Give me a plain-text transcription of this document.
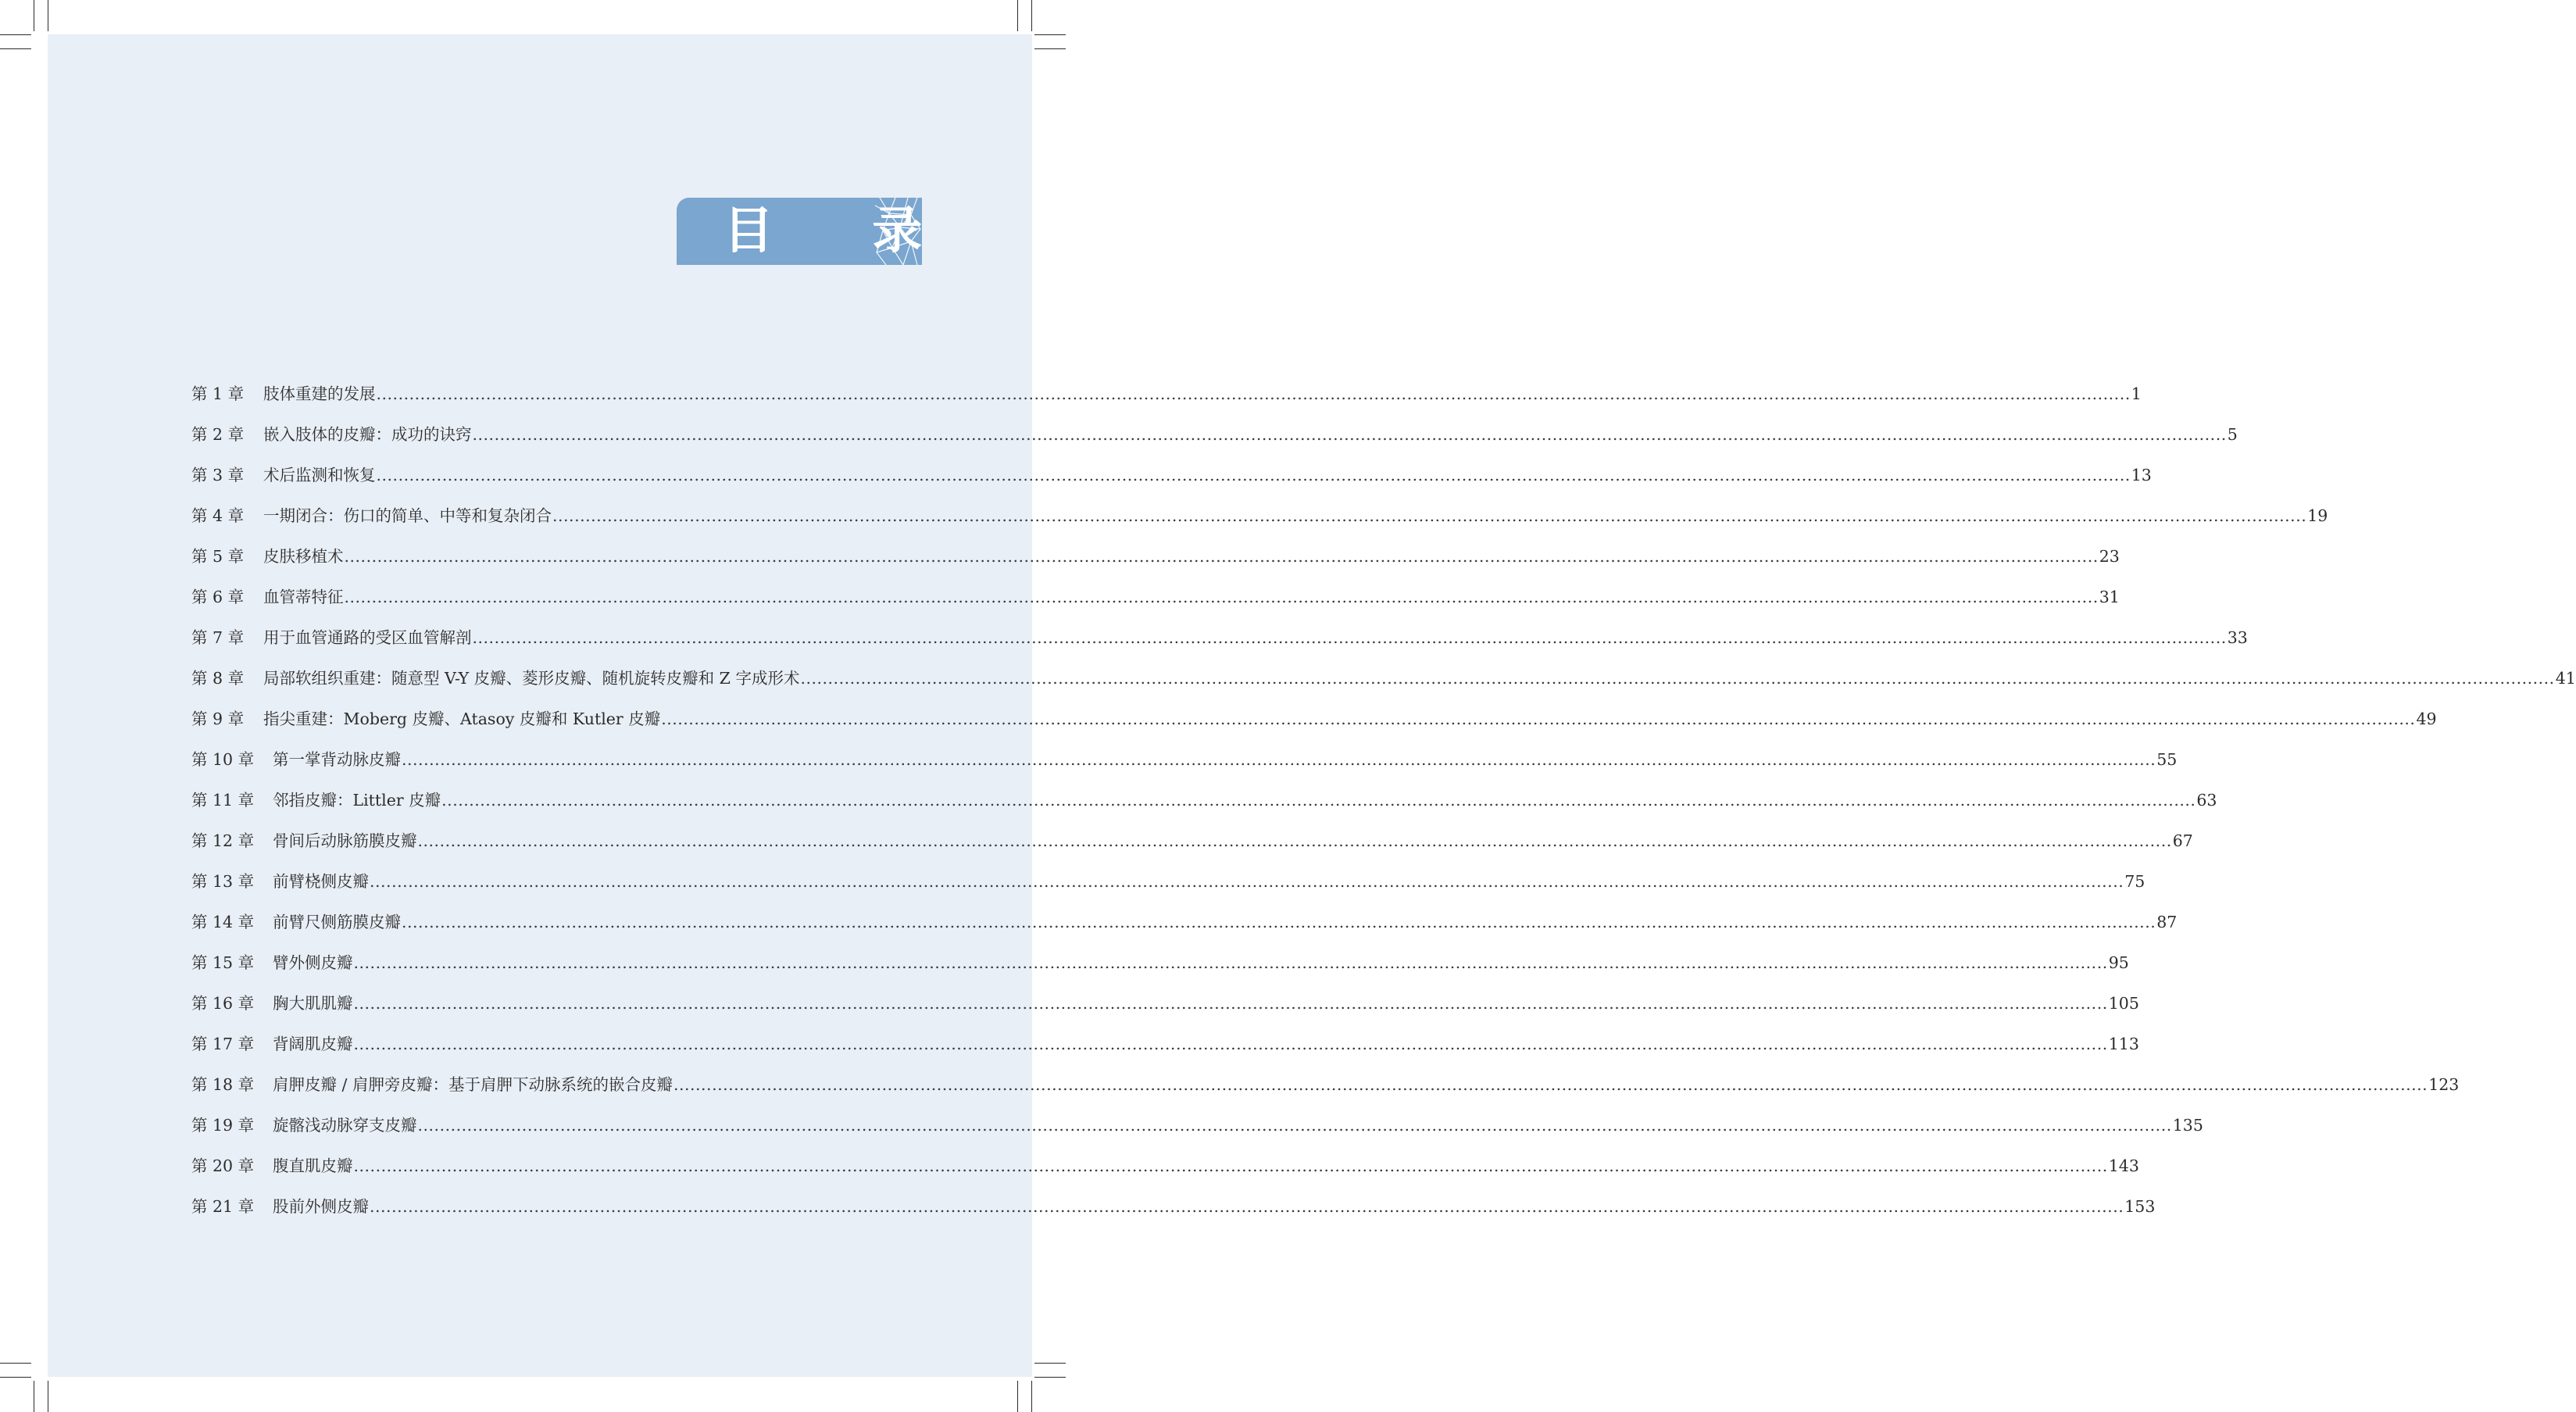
目 录
第 1 章	肢体重建的发展 .....	1
第 2 章	嵌入肢体的皮瓣：成功的诀窍 .....	5
第 3 章	术后监测和恢复 .....	13
第 4 章	一期闭合：伤口的简单、中等和复杂闭合 .....	19
第 5 章	皮肤移植术 .....	23
第 6 章	血管蒂特征 .....	31
第 7 章	用于血管通路的受区血管解剖 .....	33
第 8 章	局部软组织重建：随意型 V-Y 皮瓣、菱形皮瓣、随机旋转皮瓣和 Z 字成形术 .....	41
第 9 章	指尖重建：Moberg 皮瓣、Atasoy 皮瓣和 Kutler 皮瓣 .....	49
第 10 章	第一掌背动脉皮瓣 .....	55
第 11 章	邻指皮瓣：Littler 皮瓣 .....	63
第 12 章	骨间后动脉筋膜皮瓣 .....	67
第 13 章	前臂桡侧皮瓣 .....	75
第 14 章	前臂尺侧筋膜皮瓣 .....	87
第 15 章	臂外侧皮瓣 .....	95
第 16 章	胸大肌肌瓣 .....	105
第 17 章	背阔肌皮瓣 .....	113
第 18 章	肩胛皮瓣 / 肩胛旁皮瓣：基于肩胛下动脉系统的嵌合皮瓣 .....	123
第 19 章	旋髂浅动脉穿支皮瓣 .....	135
第 20 章	腹直肌皮瓣 .....	143
第 21 章	股前外侧皮瓣 .....	153
